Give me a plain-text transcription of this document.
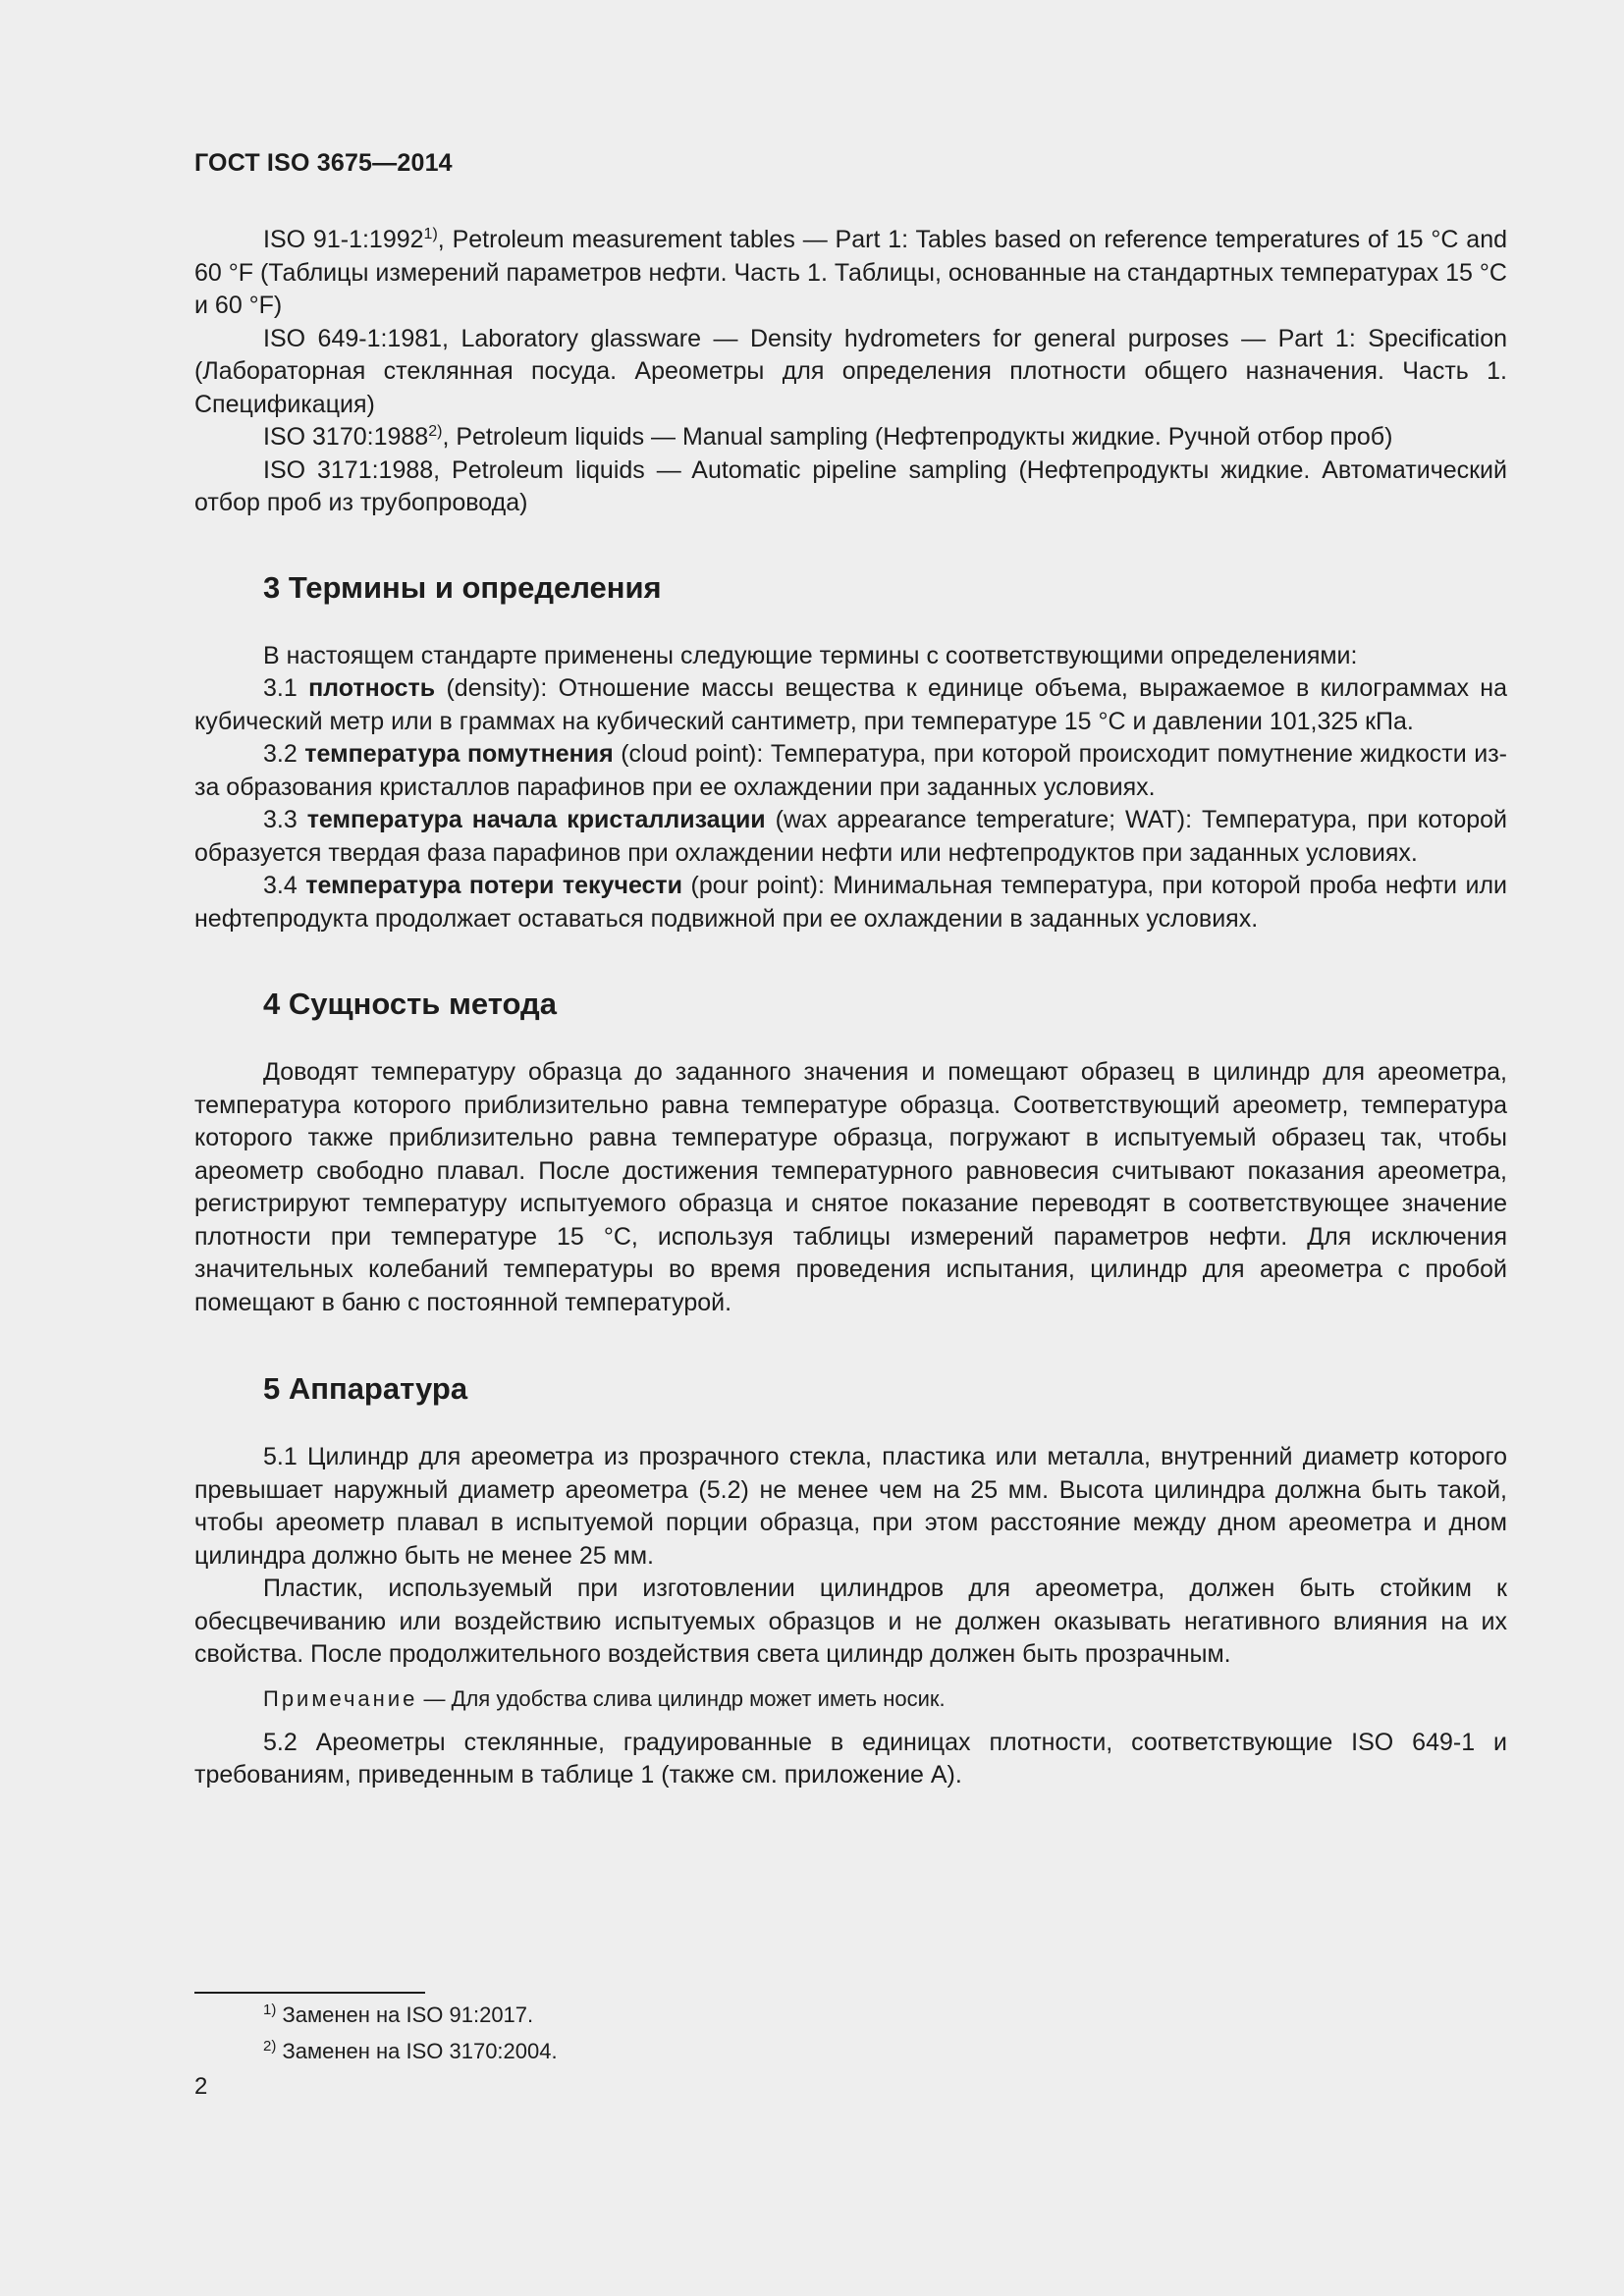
ГОСТ ISO 3675—2014

ISO 91-1:1992$^{1)}$, Petroleum measurement tables — Part 1: Tables based on reference temperatures of 15 °C and 60 °F (Таблицы измерений параметров нефти. Часть 1. Таблицы, основанные на стандартных температурах 15 °C и 60 °F)

ISO 649-1:1981, Laboratory glassware — Density hydrometers for general purposes — Part 1: Specification (Лабораторная стеклянная посуда. Ареометры для определения плотности общего назначения. Часть 1. Спецификация)

ISO 3170:1988$^{2)}$, Petroleum liquids — Manual sampling (Нефтепродукты жидкие. Ручной отбор проб)

ISO 3171:1988, Petroleum liquids — Automatic pipeline sampling (Нефтепродукты жидкие. Автоматический отбор проб из трубопровода)

3 Термины и определения

В настоящем стандарте применены следующие термины с соответствующими определениями:

3.1 плотность (density): Отношение массы вещества к единице объема, выражаемое в килограммах на кубический метр или в граммах на кубический сантиметр, при температуре 15 °C и давлении 101,325 кПа.

3.2 температура помутнения (cloud point): Температура, при которой происходит помутнение жидкости из-за образования кристаллов парафинов при ее охлаждении при заданных условиях.

3.3 температура начала кристаллизации (wax appearance temperature; WAT): Температура, при которой образуется твердая фаза парафинов при охлаждении нефти или нефтепродуктов при заданных условиях.

3.4 температура потери текучести (pour point): Минимальная температура, при которой проба нефти или нефтепродукта продолжает оставаться подвижной при ее охлаждении в заданных условиях.

4 Сущность метода

Доводят температуру образца до заданного значения и помещают образец в цилиндр для ареометра, температура которого приблизительно равна температуре образца. Соответствующий ареометр, температура которого также приблизительно равна температуре образца, погружают в испытуемый образец так, чтобы ареометр свободно плавал. После достижения температурного равновесия считывают показания ареометра, регистрируют температуру испытуемого образца и снятое показание переводят в соответствующее значение плотности при температуре 15 °C, используя таблицы измерений параметров нефти. Для исключения значительных колебаний температуры во время проведения испытания, цилиндр для ареометра с пробой помещают в баню с постоянной температурой.

5 Аппаратура

5.1 Цилиндр для ареометра из прозрачного стекла, пластика или металла, внутренний диаметр которого превышает наружный диаметр ареометра (5.2) не менее чем на 25 мм. Высота цилиндра должна быть такой, чтобы ареометр плавал в испытуемой порции образца, при этом расстояние между дном ареометра и дном цилиндра должно быть не менее 25 мм.

Пластик, используемый при изготовлении цилиндров для ареометра, должен быть стойким к обесцвечиванию или воздействию испытуемых образцов и не должен оказывать негативного влияния на их свойства. После продолжительного воздействия света цилиндр должен быть прозрачным.

Примечание — Для удобства слива цилиндр может иметь носик.

5.2 Ареометры стеклянные, градуированные в единицах плотности, соответствующие ISO 649-1 и требованиям, приведенным в таблице 1 (также см. приложение А).

$^{1)}$ Заменен на ISO 91:2017.
$^{2)}$ Заменен на ISO 3170:2004.
2
